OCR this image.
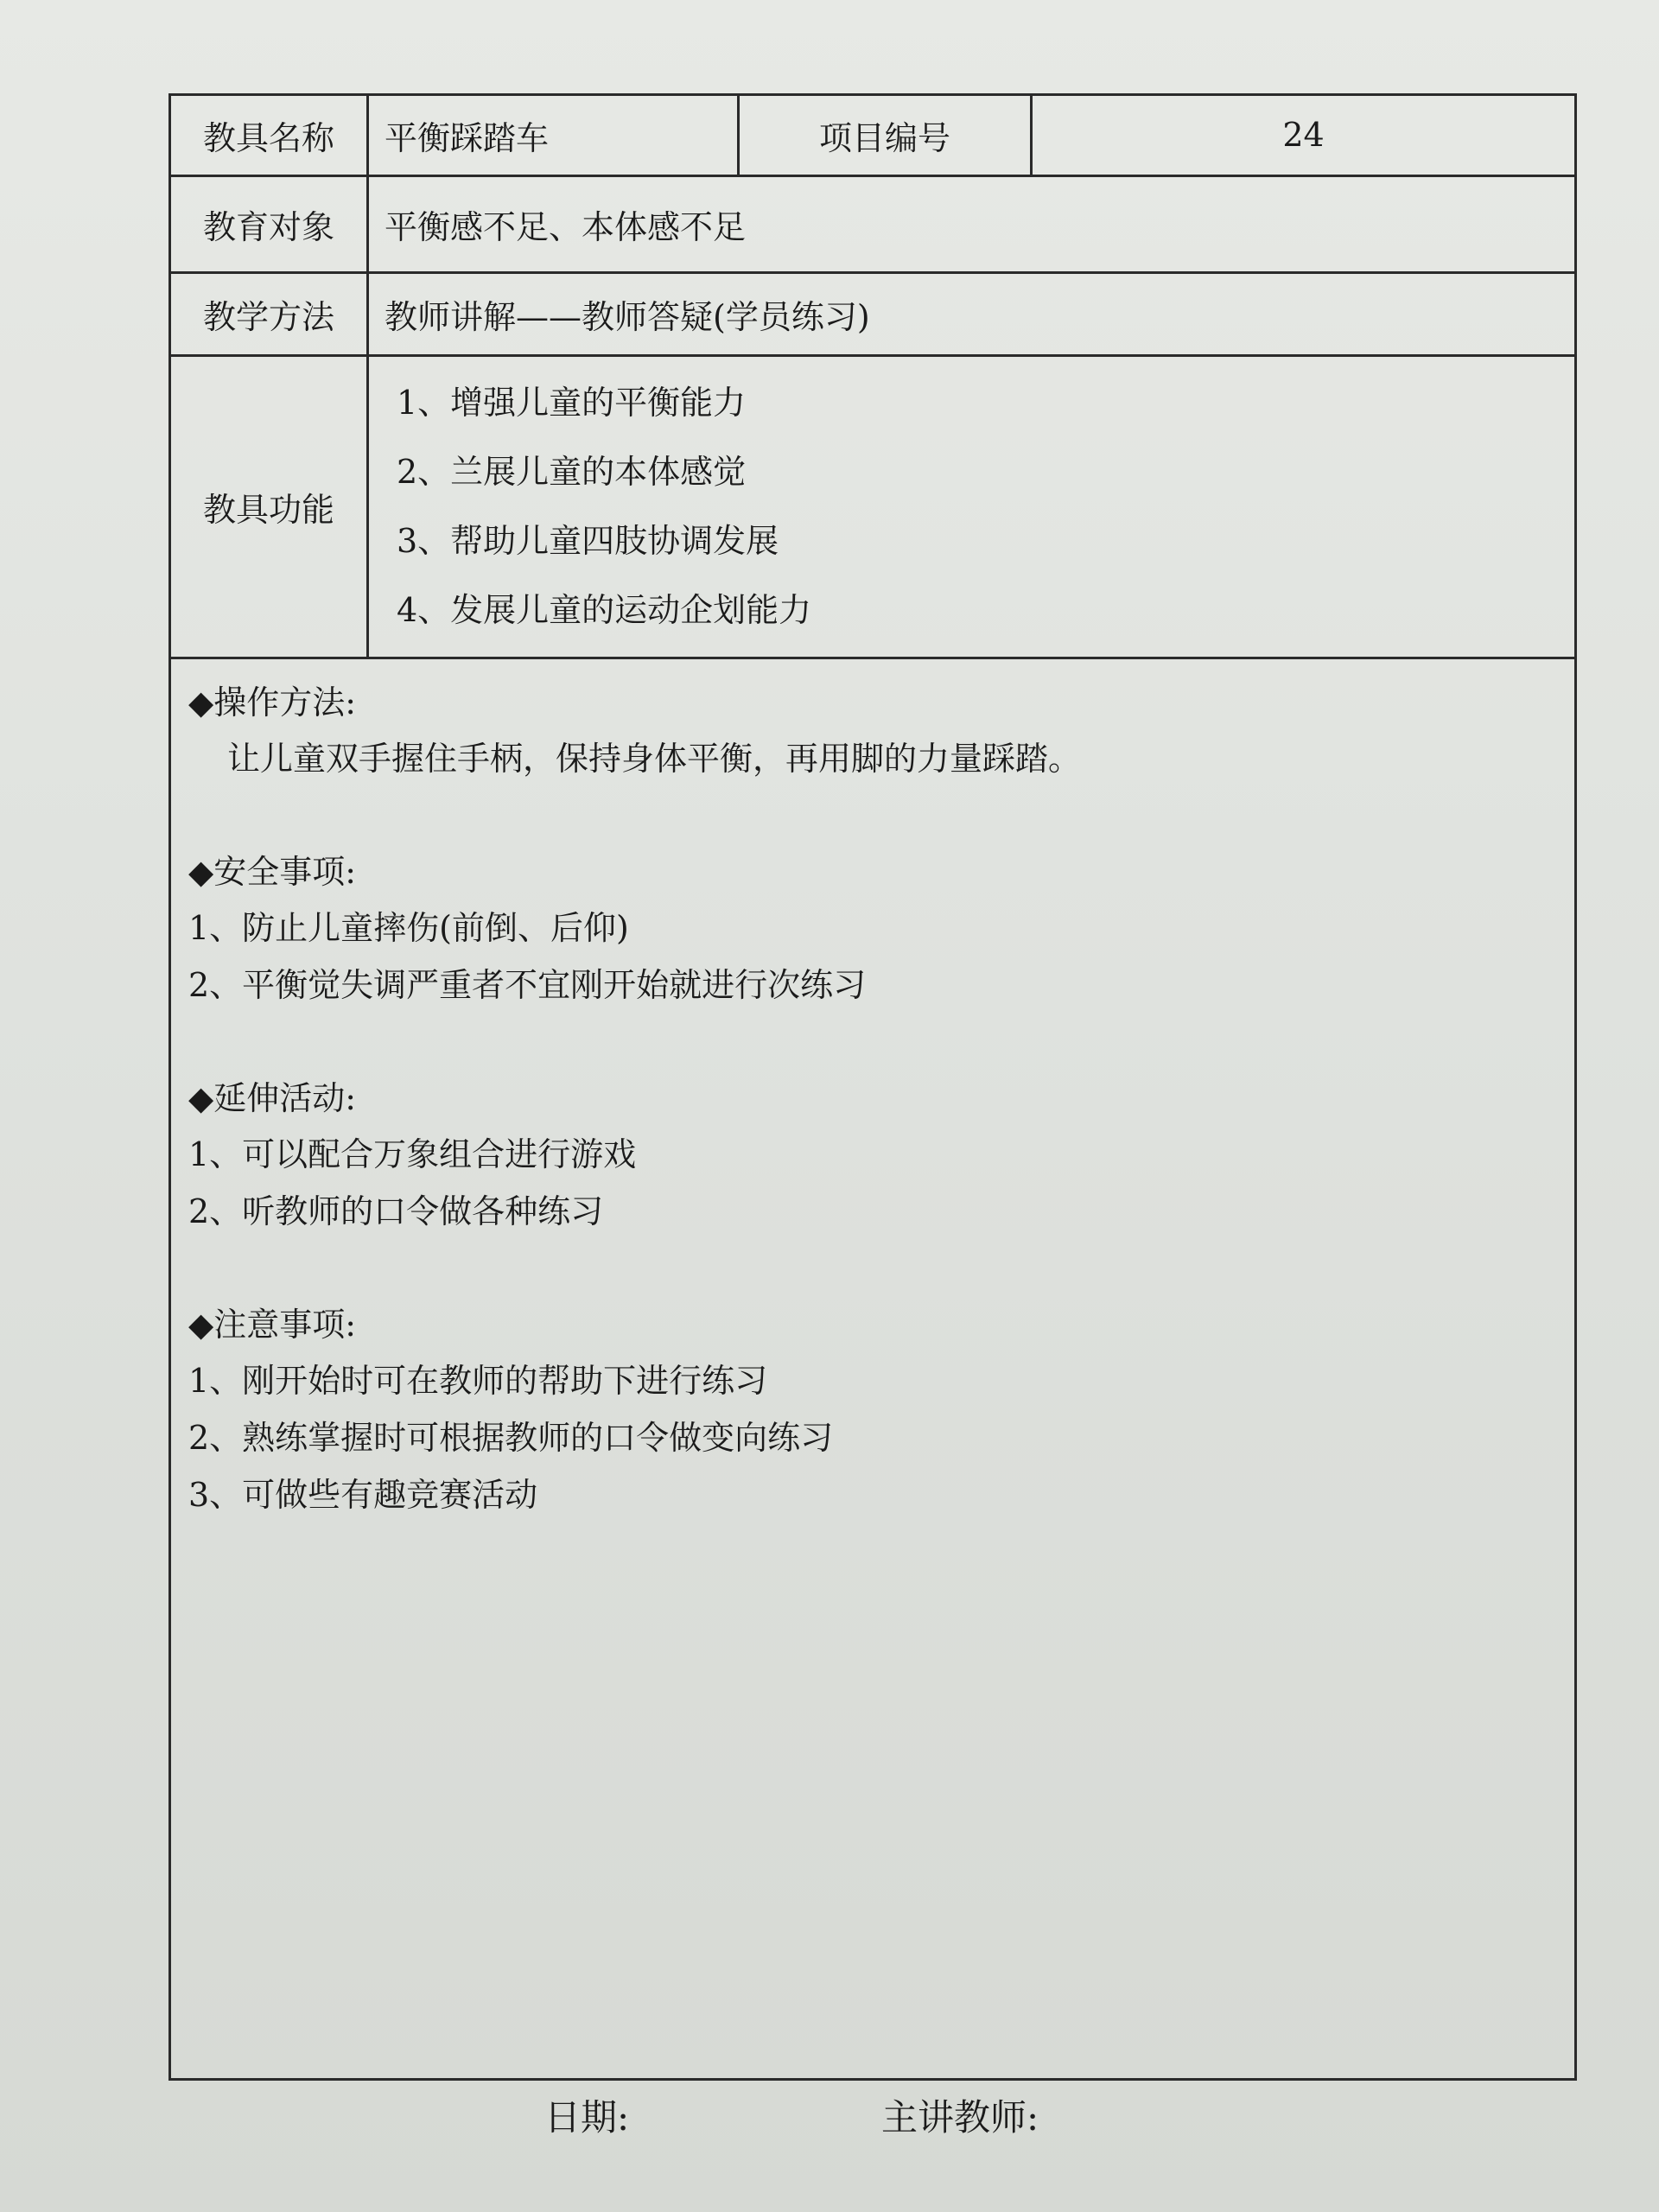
教具名称	平衡踩踏车	项目编号	24
教育对象	平衡感不足、本体感不足		
教学方法	教师讲解——教师答疑(学员练习)		
教具功能	1、增强儿童的平衡能力
2、兰展儿童的本体感觉
3、帮助儿童四肢协调发展
4、发展儿童的运动企划能力		
◆操作方法:
让儿童双手握住手柄，保持身体平衡，再用脚的力量踩踏。
◆安全事项:
1、防止儿童摔伤(前倒、后仰)
2、平衡觉失调严重者不宜刚开始就进行次练习
◆延伸活动:
1、可以配合万象组合进行游戏
2、听教师的口令做各种练习
◆注意事项:
1、刚开始时可在教师的帮助下进行练习
2、熟练掌握时可根据教师的口令做变向练习
3、可做些有趣竞赛活动
日期:	主讲教师:
